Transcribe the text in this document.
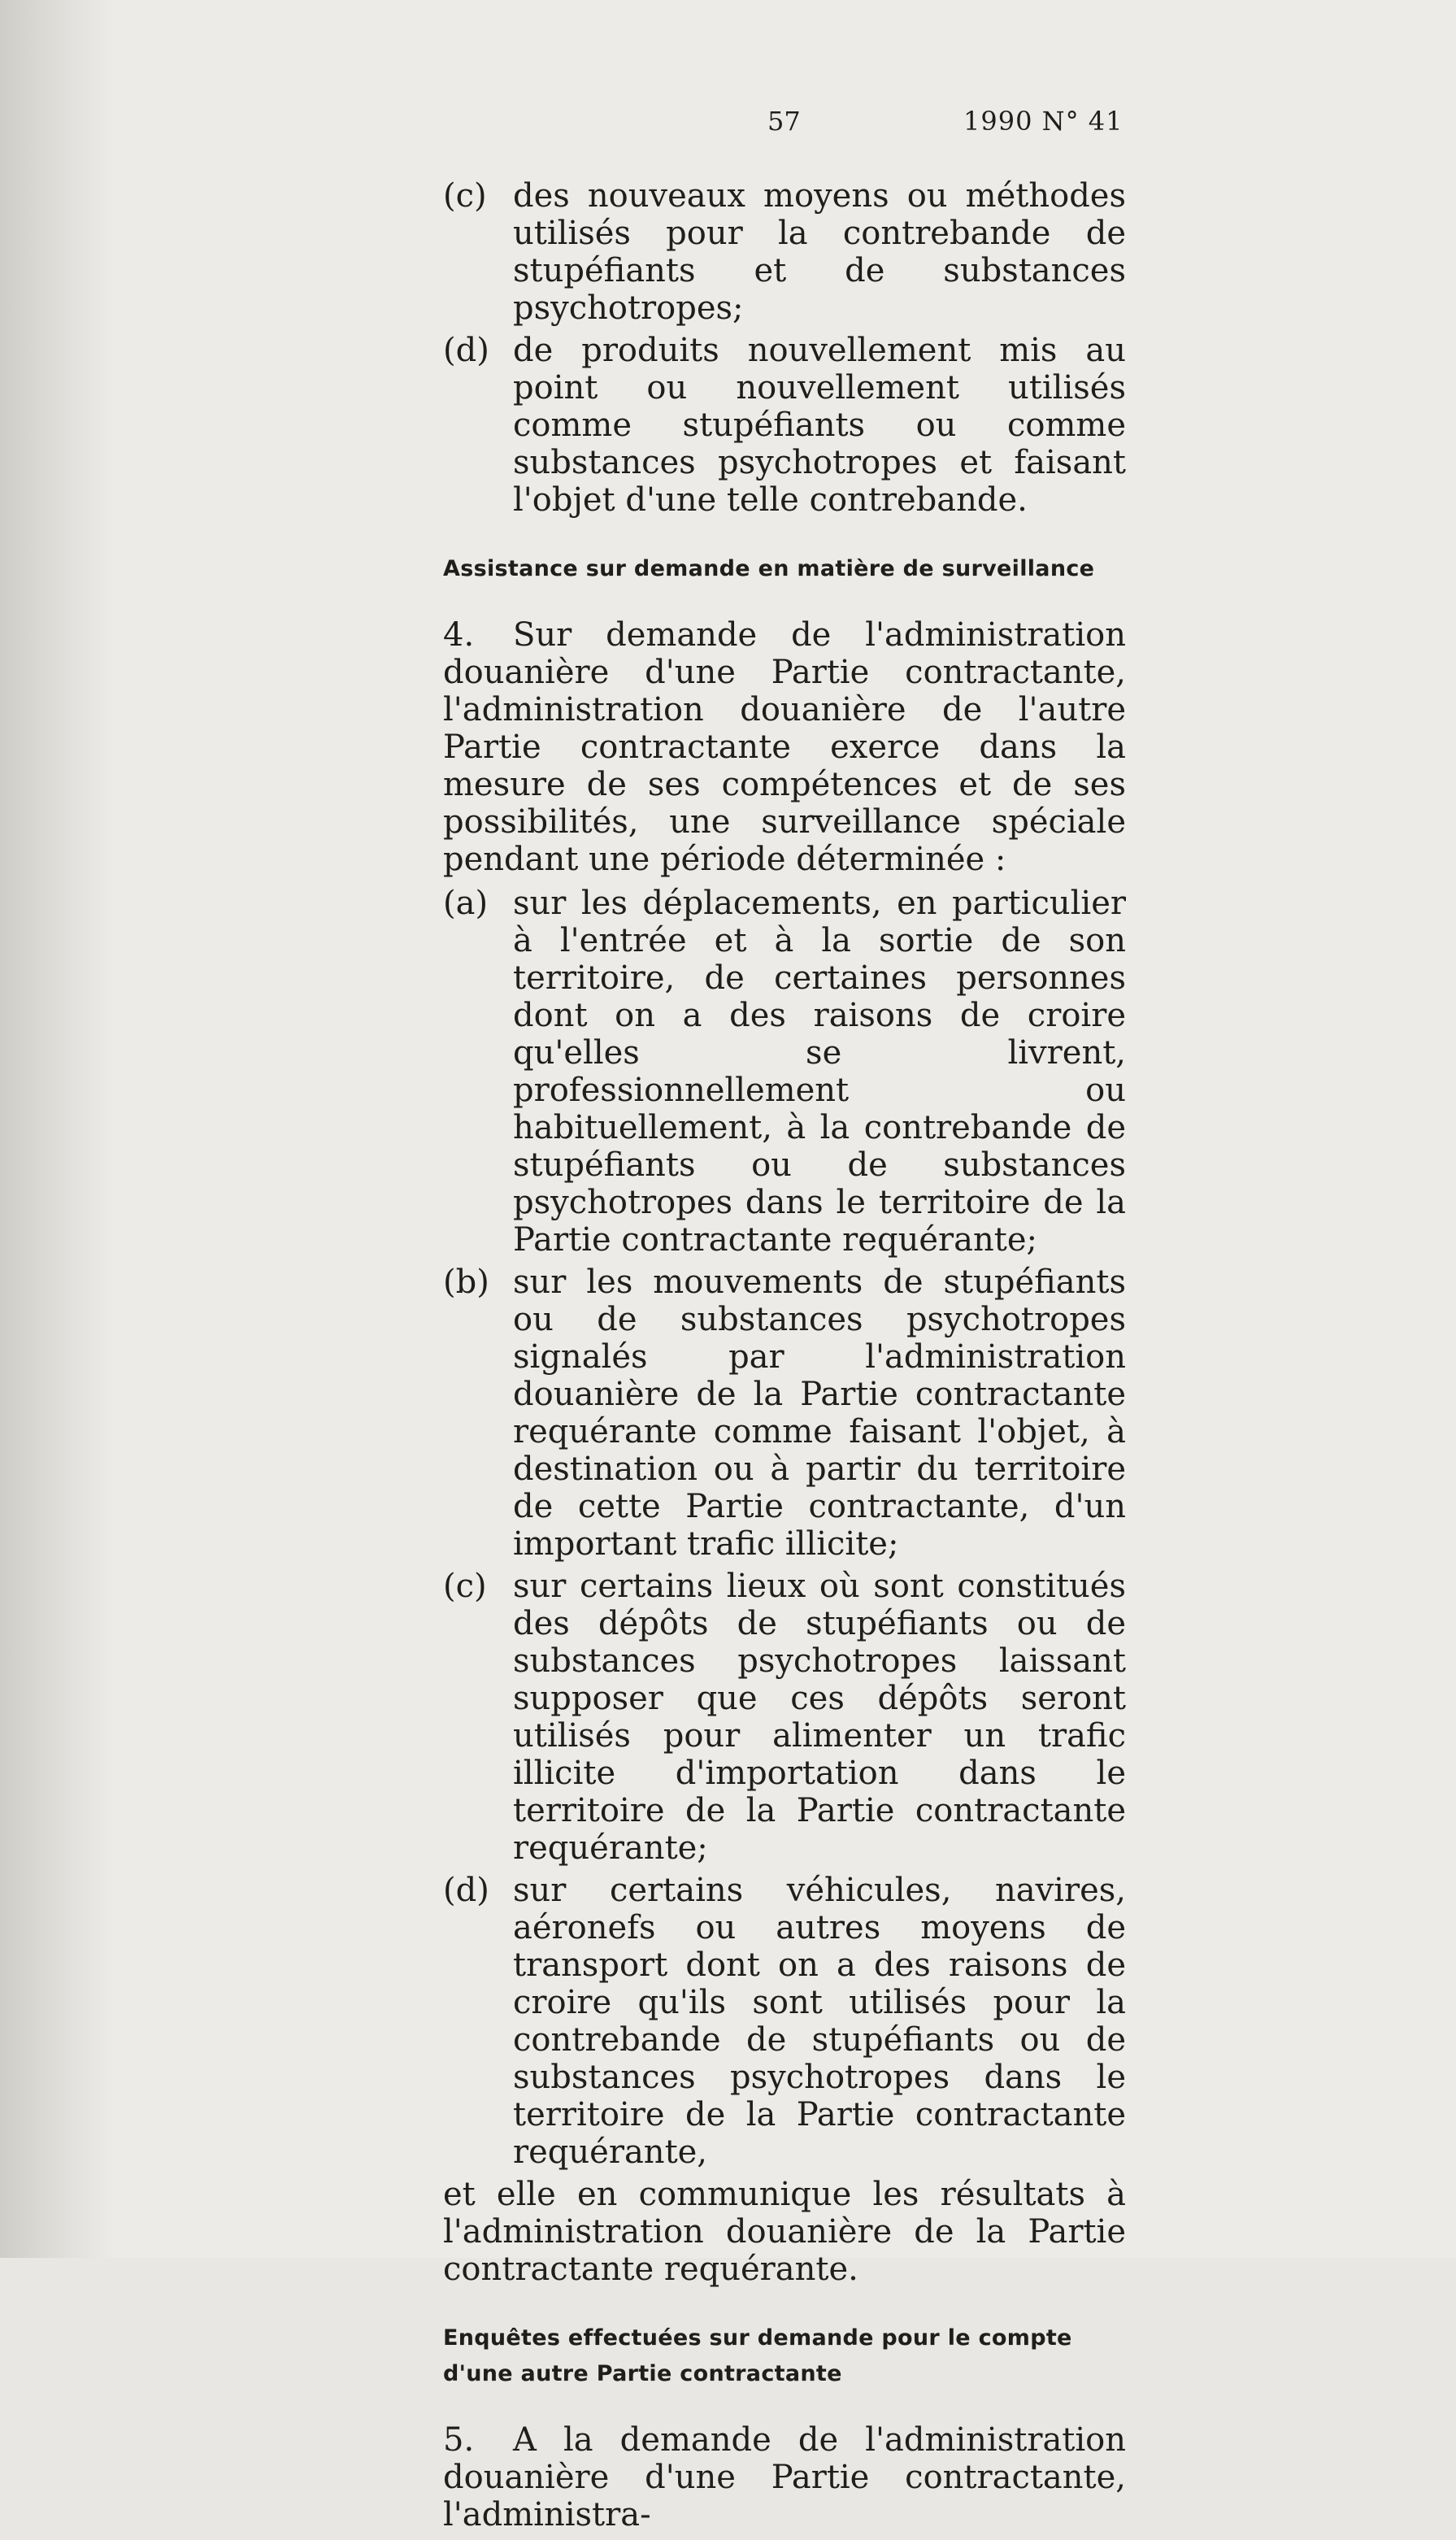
57	1990 N° 41
(c) des nouveaux moyens ou méthodes utilisés pour la contrebande de stupéfiants et de substances psychotropes;
(d) de produits nouvellement mis au point ou nouvellement utilisés comme stupéfiants ou comme substances psychotropes et faisant l'objet d'une telle contrebande.
Assistance sur demande en matière de surveillance

4. Sur demande de l'administration douanière d'une Partie contractante, l'administration douanière de l'autre Partie contractante exerce dans la mesure de ses compétences et de ses possibilités, une surveillance spéciale pendant une période déterminée :

(a) sur les déplacements, en particulier à l'entrée et à la sortie de son territoire, de certaines personnes dont on a des raisons de croire qu'elles se livrent, professionnellement ou habituellement, à la contrebande de stupéfiants ou de substances psychotropes dans le territoire de la Partie contractante requérante;
(b) sur les mouvements de stupéfiants ou de substances psychotropes signalés par l'administration douanière de la Partie contractante requérante comme faisant l'objet, à destination ou à partir du territoire de cette Partie contractante, d'un important trafic illicite;
(c) sur certains lieux où sont constitués des dépôts de stupéfiants ou de substances psychotropes laissant supposer que ces dépôts seront utilisés pour alimenter un trafic illicite d'importation dans le territoire de la Partie contractante requérante;
(d) sur certains véhicules, navires, aéronefs ou autres moyens de transport dont on a des raisons de croire qu'ils sont utilisés pour la contrebande de stupéfiants ou de substances psychotropes dans le territoire de la Partie contractante requérante,

et elle en communique les résultats à l'administration douanière de la Partie contractante requérante.

Enquêtes effectuées sur demande pour le compte d'une autre Partie contractante

5. A la demande de l'administration douanière d'une Partie contractante, l'administra-
